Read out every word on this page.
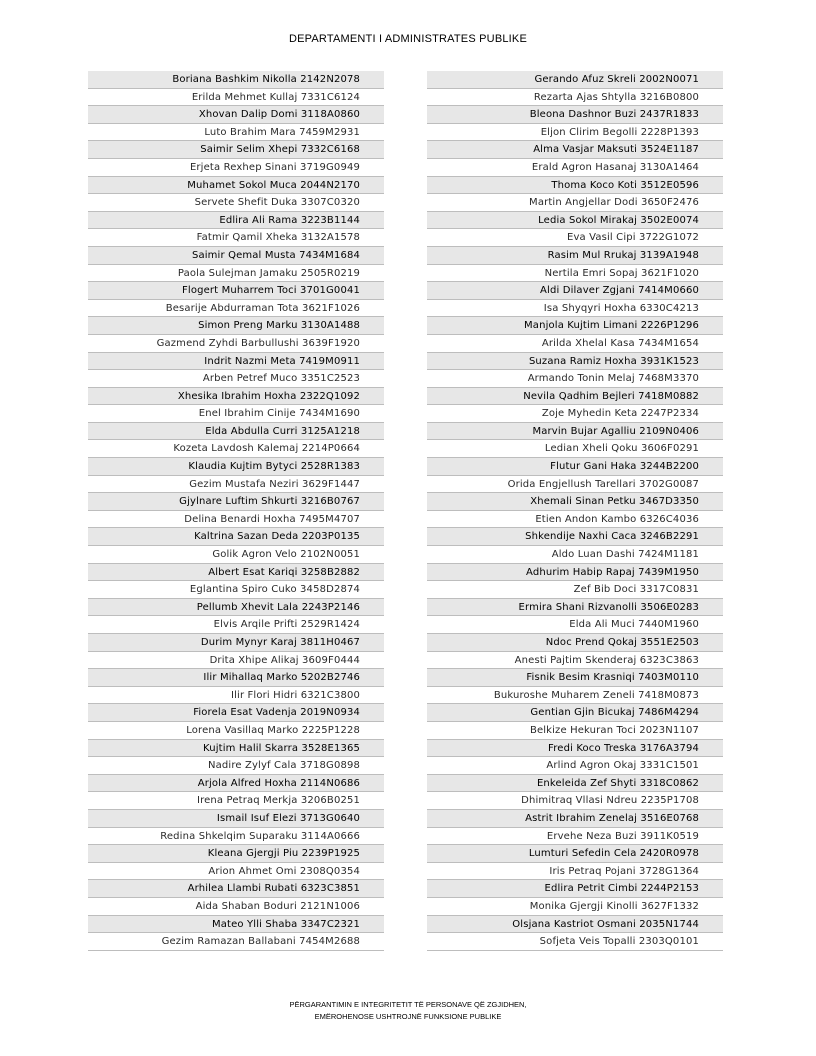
DEPARTAMENTI I ADMINISTRATES PUBLIKE
Boriana Bashkim Nikolla 2142N2078
Erilda Mehmet Kullaj 7331C6124
Xhovan Dalip Domi 3118A0860
Luto Brahim Mara 7459M2931
Saimir Selim Xhepi 7332C6168
Erjeta Rexhep Sinani 3719G0949
Muhamet Sokol Muca 2044N2170
Servete Shefit Duka 3307C0320
Edlira Ali Rama 3223B1144
Fatmir Qamil Xheka 3132A1578
Saimir Qemal Musta 7434M1684
Paola Sulejman Jamaku 2505R0219
Flogert Muharrem Toci 3701G0041
Besarije Abdurraman Tota 3621F1026
Simon Preng Marku 3130A1488
Gazmend Zyhdi Barbullushi 3639F1920
Indrit Nazmi Meta 7419M0911
Arben Petref Muco 3351C2523
Xhesika Ibrahim Hoxha 2322Q1092
Enel Ibrahim Cinije 7434M1690
Elda Abdulla Curri 3125A1218
Kozeta Lavdosh Kalemaj 2214P0664
Klaudia Kujtim Bytyci 2528R1383
Gezim Mustafa Neziri 3629F1447
Gjylnare Luftim Shkurti 3216B0767
Delina Benardi Hoxha 7495M4707
Kaltrina Sazan Deda 2203P0135
Golik Agron Velo 2102N0051
Albert Esat Kariqi 3258B2882
Eglantina Spiro Cuko 3458D2874
Pellumb Xhevit Lala 2243P2146
Elvis Arqile Prifti 2529R1424
Durim Mynyr Karaj 3811H0467
Drita Xhipe Alikaj 3609F0444
Ilir Mihallaq Marko 5202B2746
Ilir Flori Hidri 6321C3800
Fiorela Esat Vadenja 2019N0934
Lorena Vasillaq Marko 2225P1228
Kujtim Halil Skarra 3528E1365
Nadire Zylyf Cala 3718G0898
Arjola Alfred Hoxha 2114N0686
Irena Petraq Merkja 3206B0251
Ismail Isuf Elezi 3713G0640
Redina Shkelqim Suparaku 3114A0666
Kleana Gjergji Piu 2239P1925
Arion Ahmet Omi 2308Q0354
Arhilea Llambi Rubati 6323C3851
Aida Shaban Boduri 2121N1006
Mateo Ylli Shaba 3347C2321
Gezim Ramazan Ballabani 7454M2688
Gerando Afuz Skreli 2002N0071
Rezarta Ajas Shtylla 3216B0800
Bleona Dashnor Buzi 2437R1833
Eljon Clirim Begolli 2228P1393
Alma Vasjar Maksuti 3524E1187
Erald Agron Hasanaj 3130A1464
Thoma Koco Koti 3512E0596
Martin Angjellar Dodi 3650F2476
Ledia Sokol Mirakaj 3502E0074
Eva Vasil Cipi 3722G1072
Rasim Mul Rrukaj 3139A1948
Nertila Emri Sopaj 3621F1020
Aldi Dilaver Zgjani 7414M0660
Isa Shyqyri Hoxha 6330C4213
Manjola Kujtim Limani 2226P1296
Arilda Xhelal Kasa 7434M1654
Suzana Ramiz Hoxha 3931K1523
Armando Tonin Melaj 7468M3370
Nevila Qadhim Bejleri 7418M0882
Zoje Myhedin Keta 2247P2334
Marvin Bujar Agalliu 2109N0406
Ledian Xheli Qoku 3606F0291
Flutur Gani Haka 3244B2200
Orida Engjellush Tarellari 3702G0087
Xhemali Sinan Petku 3467D3350
Etien Andon Kambo 6326C4036
Shkendije Naxhi Caca 3246B2291
Aldo Luan Dashi 7424M1181
Adhurim Habip Rapaj 7439M1950
Zef Bib Doci 3317C0831
Ermira Shani Rizvanolli 3506E0283
Elda Ali Muci 7440M1960
Ndoc Prend Qokaj 3551E2503
Anesti Pajtim Skenderaj 6323C3863
Fisnik Besim Krasniqi 7403M0110
Bukuroshe Muharem Zeneli 7418M0873
Gentian Gjin Bicukaj 7486M4294
Belkize Hekuran Toci 2023N1107
Fredi Koco Treska 3176A3794
Arlind Agron Okaj 3331C1501
Enkeleida Zef Shyti 3318C0862
Dhimitraq Vllasi Ndreu 2235P1708
Astrit Ibrahim Zenelaj 3516E0768
Ervehe Neza Buzi 3911K0519
Lumturi Sefedin Cela 2420R0978
Iris Petraq Pojani 3728G1364
Edlira Petrit Cimbi 2244P2153
Monika Gjergji Kinolli 3627F1332
Olsjana Kastriot Osmani 2035N1744
Sofjeta Veis Topalli 2303Q0101
PËRGARANTIMIN E INTEGRITETIT TË PERSONAVE QË ZGJIDHEN,
EMËROHENOSE USHTROJNË FUNKSIONE PUBLIKE
